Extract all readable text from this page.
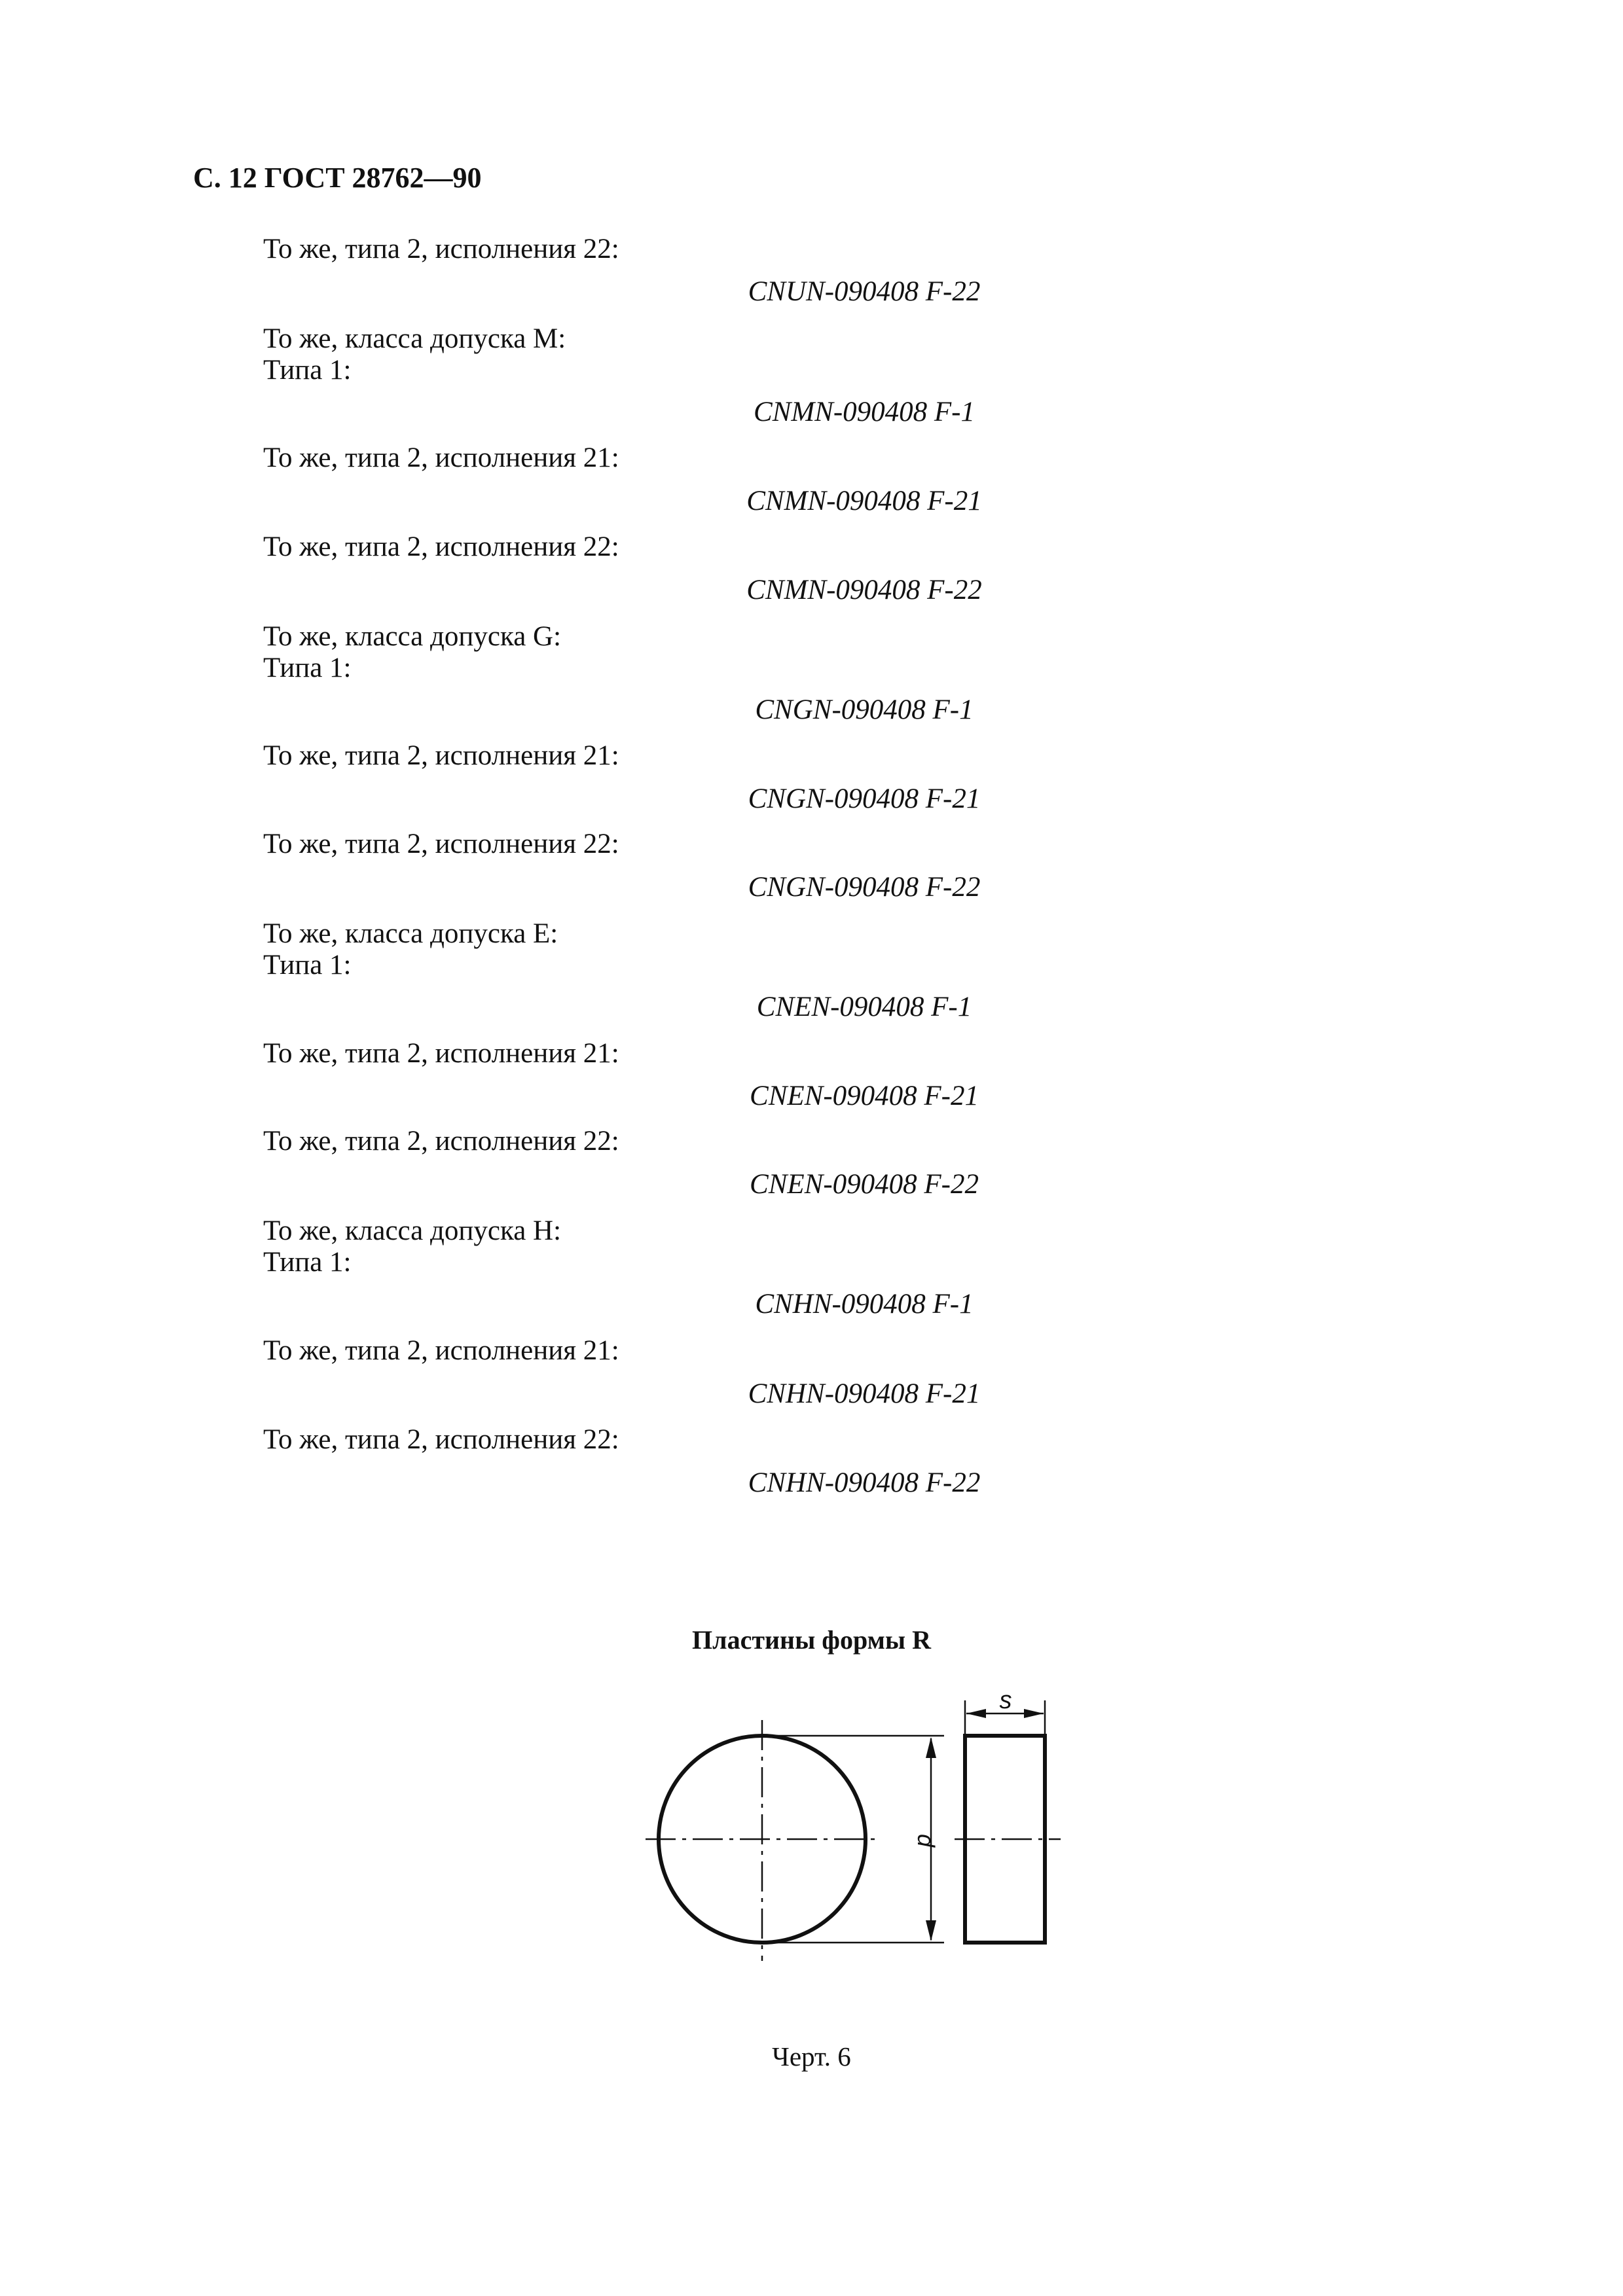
С. 12 ГОСТ 28762—90
То же, типа 2, исполнения 22:
CNUN-090408 F-22
То же, класса допуска M:
Типа 1:
CNMN-090408 F-1
То же, типа 2, исполнения 21:
CNMN-090408 F-21
То же, типа 2, исполнения 22:
CNMN-090408 F-22
То же, класса допуска G:
Типа 1:
CNGN-090408 F-1
То же, типа 2, исполнения 21:
CNGN-090408 F-21
То же, типа 2, исполнения 22:
CNGN-090408 F-22
То же, класса допуска E:
Типа 1:
CNEN-090408 F-1
То же, типа 2, исполнения 21:
CNEN-090408 F-21
То же, типа 2, исполнения 22:
CNEN-090408 F-22
То же, класса допуска H:
Типа 1:
CNHN-090408 F-1
То же, типа 2, исполнения 21:
CNHN-090408 F-21
То же, типа 2, исполнения 22:
CNHN-090408 F-22
Пластины формы R
d
s
Черт. 6
